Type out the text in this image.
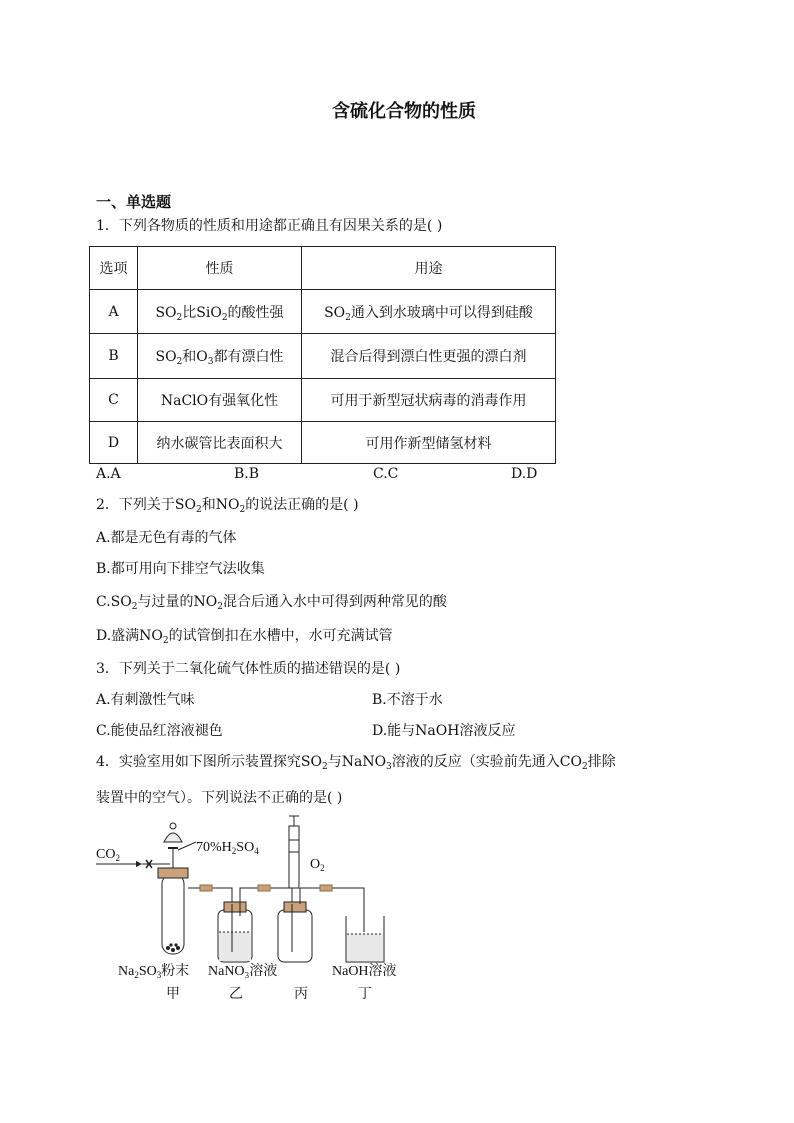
含硫化合物的性质
一、单选题
1．下列各物质的性质和用途都正确且有因果关系的是( )
选项	性质	用途
A	$SO_2$比SiO$_2$的酸性强	$SO_2$通入到水玻璃中可以得到硅酸
B	$SO_2$和$O_3$都有漂白性	混合后得到漂白性更强的漂白剂
C	NaClO有强氧化性	可用于新型冠状病毒的消毒作用
D	纳水碳管比表面积大	可用作新型储氢材料
A.A	B.B	C.C	D.D
2．下列关于$SO_2$和$NO_2$的说法正确的是( )
A.都是无色有毒的气体
B.都可用向下排空气法收集
$C.SO_2$与过量的$NO_2$混合后通入水中可得到两种常见的酸
D.盛满$NO_2$的试管倒扣在水槽中，水可充满试管
3．下列关于二氧化硫气体性质的描述错误的是( )
A.有刺激性气味	B.不溶于水
C.能使品红溶液褪色	D.能与NaOH溶液反应
4．实验室用如下图所示装置探究$SO_2$与NaNO$_3$溶液的反应（实验前先通入$CO_2$排除
装置中的空气）。下列说法不正确的是( )
$CO_2$
$70\%H_2SO_4$
$O_2$
$Na_2SO_3$粉末 NaNO₃溶液	NaOH溶液
甲	乙	丙	丁
